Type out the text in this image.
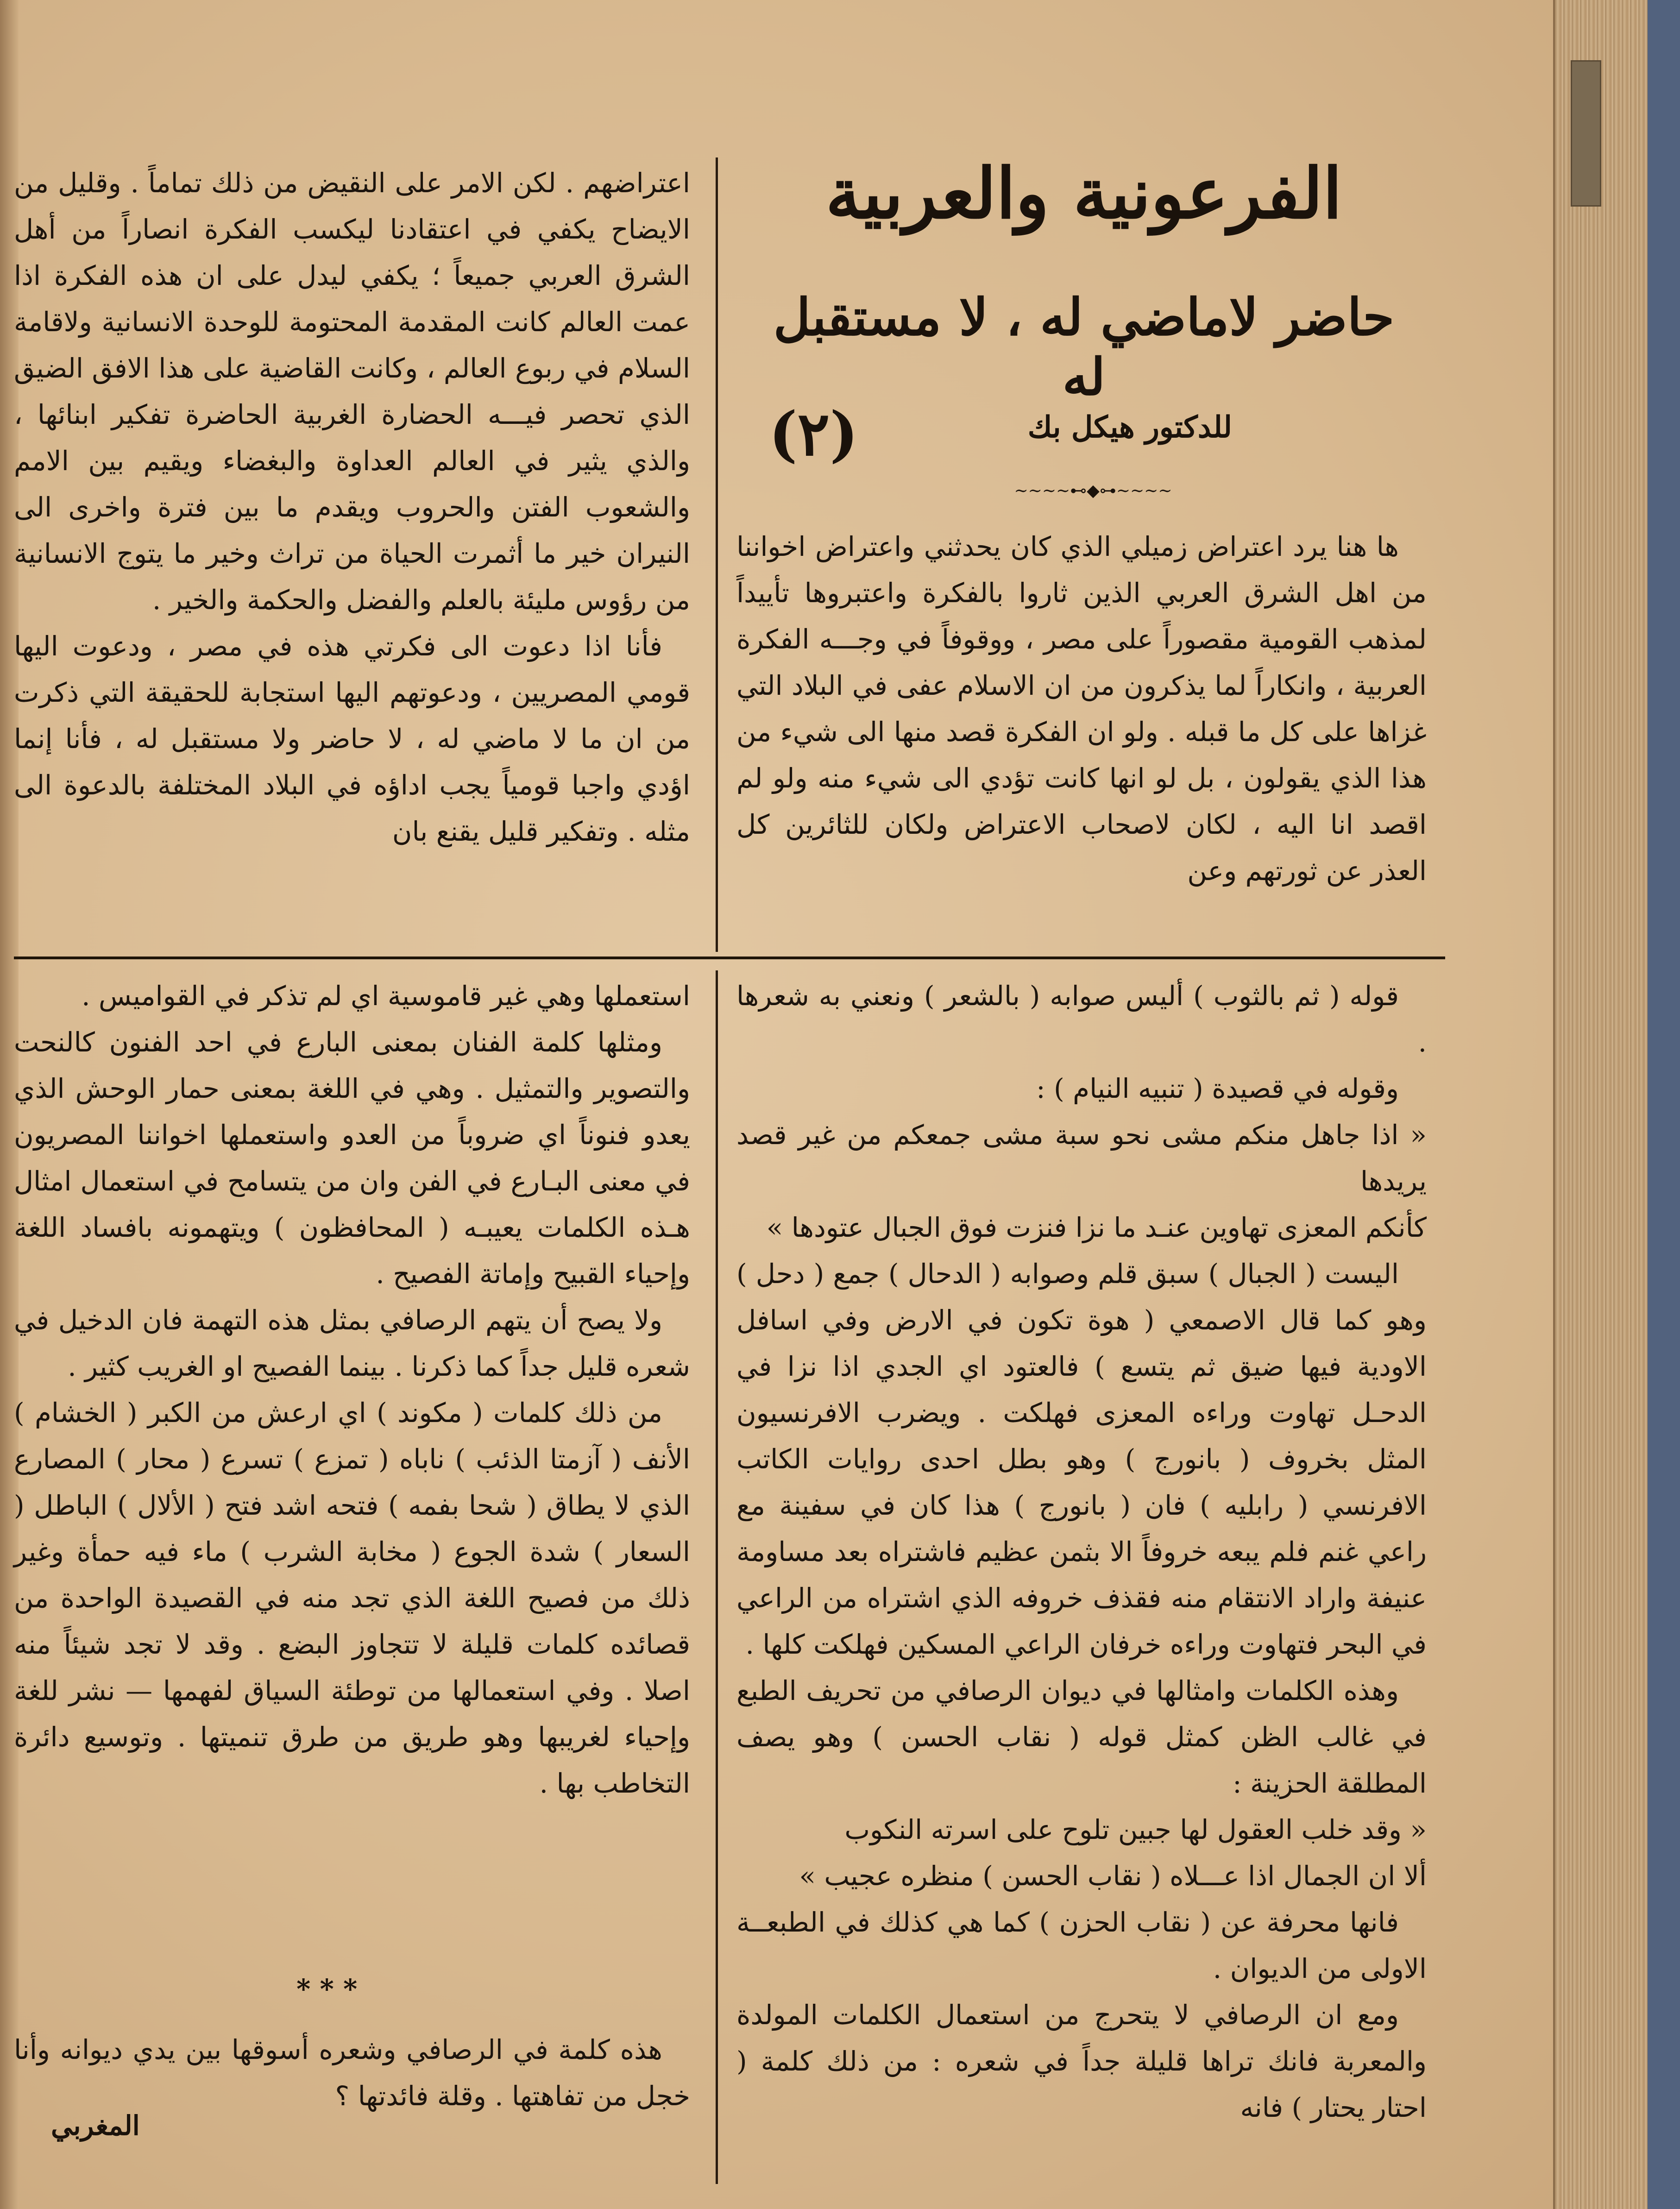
الفرعونية والعربية
حاضر لاماضي له ، لا مستقبل له
للدكتور هيكل بك
(٢)
∼∼∼∼⊷◆⊶∼∼∼∼

ها هنا يرد اعتراض زميلي الذي كان يحدثني واعتراض اخواننا من اهل الشرق العربي الذين ثاروا بالفكرة واعتبروها تأييداً لمذهب القومية مقصوراً على مصر ، ووقوفاً في وجـــه الفكرة العربية ، وانكاراً لما يذكرون من ان الاسلام عفى في البلاد التي غزاها على كل ما قبله . ولو ان الفكرة قصد منها الى شيء من هذا الذي يقولون ، بل لو انها كانت تؤدي الى شيء منه ولو لم اقصد انا اليه ، لكان لاصحاب الاعتراض ولكان للثائرين كل العذر عن ثورتهم وعن

اعتراضهم . لكن الامر على النقيض من ذلك تماماً . وقليل من الايضاح يكفي في اعتقادنا ليكسب الفكرة انصاراً من أهل الشرق العربي جميعاً ؛ يكفي ليدل على ان هذه الفكرة اذا عمت العالم كانت المقدمة المحتومة للوحدة الانسانية ولاقامة السلام في ربوع العالم ، وكانت القاضية على هذا الافق الضيق الذي تحصر فيـــه الحضارة الغربية الحاضرة تفكير ابنائها ، والذي يثير في العالم العداوة والبغضاء ويقيم بين الامم والشعوب الفتن والحروب ويقدم ما بين فترة واخرى الى النيران خير ما أثمرت الحياة من تراث وخير ما يتوج الانسانية من رؤوس مليئة بالعلم والفضل والحكمة والخير .

فأنا اذا دعوت الى فكرتي هذه في مصر ، ودعوت اليها قومي المصريين ، ودعوتهم اليها استجابة للحقيقة التي ذكرت من ان ما لا ماضي له ، لا حاضر ولا مستقبل له ، فأنا إنما اؤدي واجبا قومياً يجب اداؤه في البلاد المختلفة بالدعوة الى مثله . وتفكير قليل يقنع بان

قوله ( ثم بالثوب ) أليس صوابه ( بالشعر ) ونعني به شعرها .

وقوله في قصيدة ( تنبيه النيام ) :

« اذا جاهل منكم مشى نحو سبة مشى جمعكم من غير قصد يريدها

كأنكم المعزى تهاوين عنـد ما نزا فنزت فوق الجبال عتودها »

اليست ( الجبال ) سبق قلم وصوابه ( الدحال ) جمع ( دحل ) وهو كما قال الاصمعي ( هوة تكون في الارض وفي اسافل الاودية فيها ضيق ثم يتسع ) فالعتود اي الجدي اذا نزا في الدحـل تهاوت وراءه المعزى فهلكت . ويضرب الافرنسيون المثل بخروف ( بانورج ) وهو بطل احدى روايات الكاتب الافرنسي ( رابليه ) فان ( بانورج ) هذا كان في سفينة مع راعي غنم فلم يبعه خروفاً الا بثمن عظيم فاشتراه بعد مساومة عنيفة واراد الانتقام منه فقذف خروفه الذي اشتراه من الراعي في البحر فتهاوت وراءه خرفان الراعي المسكين فهلكت كلها .

وهذه الكلمات وامثالها في ديوان الرصافي من تحريف الطبع في غالب الظن كمثل قوله ( نقاب الحسن ) وهو يصف المطلقة الحزينة :

« وقد خلب العقول لها جبين تلوح على اسرته النكوب

ألا ان الجمال اذا عـــلاه ( نقاب الحسن ) منظره عجيب »

فانها محرفة عن ( نقاب الحزن ) كما هي كذلك في الطبعــة الاولى من الديوان .

ومع ان الرصافي لا يتحرج من استعمال الكلمات المولدة والمعربة فانك تراها قليلة جداً في شعره : من ذلك كلمة ( احتار يحتار ) فانه

استعملها وهي غير قاموسية اي لم تذكر في القواميس .

ومثلها كلمة الفنان بمعنى البارع في احد الفنون كالنحت والتصوير والتمثيل . وهي في اللغة بمعنى حمار الوحش الذي يعدو فنوناً اي ضروباً من العدو واستعملها اخواننا المصريون في معنى البـارع في الفن وان من يتسامح في استعمال امثال هـذه الكلمات يعيبـه ( المحافظون ) ويتهمونه بافساد اللغة وإحياء القبيح وإماتة الفصيح .

ولا يصح أن يتهم الرصافي بمثل هذه التهمة فان الدخيل في شعره قليل جداً كما ذكرنا . بينما الفصيح او الغريب كثير .

من ذلك كلمات ( مكوند ) اي ارعش من الكبر ( الخشام ) الأنف ( آزمتا الذئب ) ناباه ( تمزع ) تسرع ( محار ) المصارع الذي لا يطاق ( شحا بفمه ) فتحه اشد فتح ( الألال ) الباطل ( السعار ) شدة الجوع ( مخابة الشرب ) ماء فيه حمأة وغير ذلك من فصيح اللغة الذي تجد منه في القصيدة الواحدة من قصائده كلمات قليلة لا تتجاوز البضع . وقد لا تجد شيئاً منه اصلا . وفي استعمالها من توطئة السياق لفهمها — نشر للغة وإحياء لغريبها وهو طريق من طرق تنميتها . وتوسيع دائرة التخاطب بها .

* * *

هذه كلمة في الرصافي وشعره أسوقها بين يدي ديوانه وأنا خجل من تفاهتها . وقلة فائدتها ؟

المغربي
